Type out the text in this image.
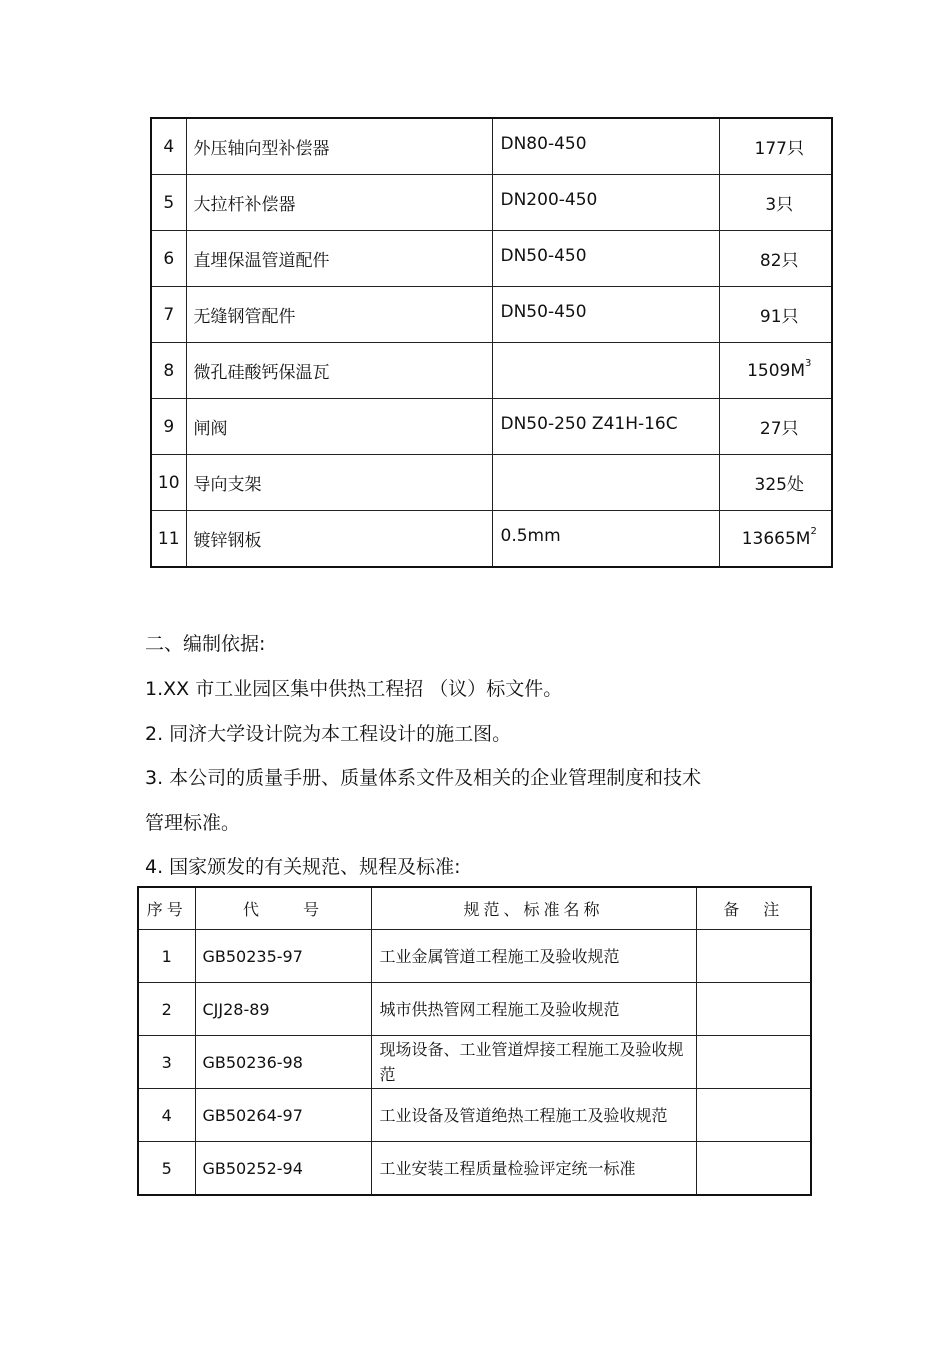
4	外压轴向型补偿器	DN80-450	177只
5	大拉杆补偿器	DN200-450	3只
6	直埋保温管道配件	DN50-450	82只
7	无缝钢管配件	DN50-450	91只
8	微孔硅酸钙保温瓦		$1509M^3$
9	闸阀	DN50-250 Z41H-16C	27只
10	导向支架		325处
11	镀锌钢板	0.5mm	$13665M^2$
二、编制依据:
1.XX 市工业园区集中供热工程招 （议）标文件。
2. 同济大学设计院为本工程设计的施工图。
3. 本公司的质量手册、质量体系文件及相关的企业管理制度和技术
管理标准。
4. 国家颁发的有关规范、规程及标准:
序号	代　　号	规范、标准名称	备　注
1	GB50235-97	工业金属管道工程施工及验收规范	
2	CJJ28-89	城市供热管网工程施工及验收规范	
3	GB50236-98	现场设备、工业管道焊接工程施工及验收规范	
4	GB50264-97	工业设备及管道绝热工程施工及验收规范	
5	GB50252-94	工业安装工程质量检验评定统一标准	
